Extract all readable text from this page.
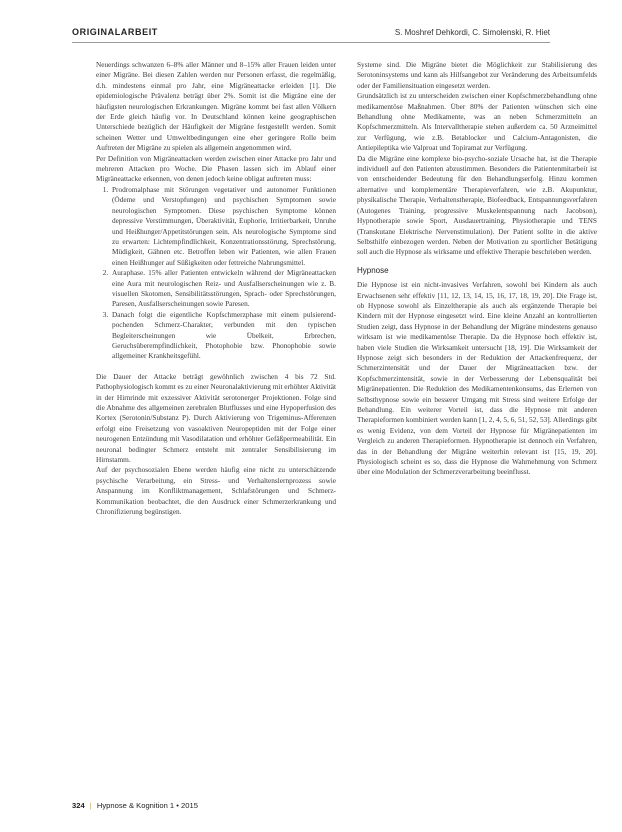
ORIGINALARBEIT	S. Moshref Dehkordi, C. Simolenski, R. Hiet

Neuerdings schwanzen 6–8% aller Männer und 8–15% aller Frauen leiden unter einer Migräne. Bei diesen Zahlen werden nur Personen erfasst, die regelmäßig, d.h. mindestens einmal pro Jahr, eine Migräneattacke erleiden [1]. Die epidemiologische Prävalenz beträgt über 2%. Somit ist die Migräne eine der häufigsten neurologischen Erkrankungen. Migräne kommt bei fast allen Völkern der Erde gleich häufig vor. In Deutschland können keine geographischen Unterschiede bezüglich der Häufigkeit der Migräne festgestellt werden. Somit scheinen Wetter und Umweltbedingungen eine eher geringere Rolle beim Auftreten der Migräne zu spielen als allgemein angenommen wird.

Per Definition von Migräneattacken werden zwischen einer Attacke pro Jahr und mehreren Attacken pro Woche. Die Phasen lassen sich im Ablauf einer Migräneattacke erkennen, von denen jedoch keine obligat auftreten muss:

1. Prodromalphase mit Störungen vegetativer und autonomer Funktionen (Ödeme und Verstopfungen) und psychischen Symptomen sowie neurologischen Symptomen. Diese psychischen Symptome können depressive Verstimmungen, Überaktivität, Euphorie, Irritierbarkeit, Unruhe und Heißhunger/Appetitstörungen sein. Als neurologische Symptome sind zu erwarten: Lichtempfindlichkeit, Konzentrationsstörung, Sprechstörung, Müdigkeit, Gähnen etc. Betroffen leben wir Patienten, wie allen Frauen einen Heißhunger auf Süßigkeiten oder fettreiche Nahrungsmittel.
2. Auraphase. 15% aller Patienten entwickeln während der Migräneattacken eine Aura mit neurologischen Reiz- und Ausfallserscheinungen wie z. B. visuellen Skotomen, Sensibilitätsstörungen, Sprach- oder Sprechstörungen, Paresen, Ausfallserscheinungen sowie Paresen.
3. Danach folgt die eigentliche Kopfschmerzphase mit einem pulsierend-pochenden Schmerz-Charakter, verbunden mit den typischen Begleiterscheinungen wie Übelkeit, Erbrechen, Geruchsüberempfindlichkeit, Photophobie bzw. Phonophobie sowie allgemeiner Krankheitsgefühl.

Die Dauer der Attacke beträgt gewöhnlich zwischen 4 bis 72 Std. Pathophysiologisch kommt es zu einer Neuronalaktivierung mit erhöhter Aktivität in der Hirnrinde mit exzessiver Aktivität serotonerger Projektionen. Folge sind die Abnahme des allgemeinen zerebralen Blutflusses und eine Hypoperfusion des Kortex (Serotonin/Substanz P). Durch Aktivierung von Trigeminus-Afferenzen erfolgt eine Freisetzung von vasoaktiven Neuropeptiden mit der Folge einer neurogenen Entzündung mit Vasodilatation und erhöhter Gefäßpermeabilität. Ein neuronal bedingter Schmerz entsteht mit zentraler Sensibilisierung im Hirnstamm.

Auf der psychosozialen Ebene werden häufig eine nicht zu unterschätzende psychische Verarbeitung, ein Stress- und Verhaltenslernprozess sowie Anspannung im Konfliktmanagement, Schlafstörungen und Schmerz-Kommunikation beobachtet, die den Ausdruck einer Schmerzerkrankung und Chronifizierung begünstigen.

Systeme sind. Die Migräne bietet die Möglichkeit zur Stabilisierung des Serotoninsystems und kann als Hilfsangebot zur Veränderung des Arbeitsumfelds oder der Familiensituation eingesetzt werden.

Grundsätzlich ist zu unterscheiden zwischen einer Kopfschmerzbehandlung ohne medikamentöse Maßnahmen. Über 80% der Patienten wünschen sich eine Behandlung ohne Medikamente, was an neben Schmerzmitteln an Kopfschmerzmitteln. Als Intervalltherapie stehen außerdem ca. 50 Arzneimittel zur Verfügung, wie z.B. Betablocker und Calcium-Antagonisten, die Antiepileptika wie Valproat und Topiramat zur Verfügung.

Da die Migräne eine komplexe bio-psycho-soziale Ursache hat, ist die Therapie individuell auf den Patienten abzustimmen. Besonders die Patientenmitarbeit ist von entscheidender Bedeutung für den Behandlungserfolg. Hinzu kommen alternative und komplementäre Therapieverfahren, wie z.B. Akupunktur, physikalische Therapie, Verhaltenstherapie, Biofeedback, Entspannungsverfahren (Autogenes Training, progressive Muskelentspannung nach Jacobson), Hypnotherapie sowie Sport, Ausdauertraining, Physiotherapie und TENS (Transkutane Elektrische Nervenstimulation). Der Patient sollte in die aktive Selbsthilfe einbezogen werden. Neben der Motivation zu sportlicher Betätigung soll auch die Hypnose als wirksame und effektive Therapie beschrieben werden.

Hypnose

Die Hypnose ist ein nicht-invasives Verfahren, sowohl bei Kindern als auch Erwachsenen sehr effektiv [11, 12, 13, 14, 15, 16, 17, 18, 19, 20]. Die Frage ist, ob Hypnose sowohl als Einzeltherapie als auch als ergänzende Therapie bei Kindern mit der Hypnose eingesetzt wird. Eine kleine Anzahl an kontrollierten Studien zeigt, dass Hypnose in der Behandlung der Migräne mindestens genauso wirksam ist wie medikamentöse Therapie. Da die Hypnose hoch effektiv ist, haben viele Studien die Wirksamkeit untersucht [18, 19]. Die Wirksamkeit der Hypnose zeigt sich besonders in der Reduktion der Attackenfrequenz, der Schmerzintensität und der Dauer der Migräneattacken bzw. der Kopfschmerzintensität, sowie in der Verbesserung der Lebensqualität bei Migränepatienten. Die Reduktion des Medikamentenkonsums, das Erlernen von Selbsthypnose sowie ein besserer Umgang mit Stress sind weitere Erfolge der Behandlung. Ein weiterer Vorteil ist, dass die Hypnose mit anderen Therapieformen kombiniert werden kann [1, 2, 4, 5, 6, 51, 52, 53]. Allerdings gibt es wenig Evidenz, von dem Vorteil der Hypnose für Migränepatienten im Vergleich zu anderen Therapieformen. Hypnotherapie ist dennoch ein Verfahren, das in der Behandlung der Migräne weiterhin relevant ist [15, 19, 20]. Physiologisch scheint es so, dass die Hypnose die Wahrnehmung von Schmerz über eine Modulation der Schmerzverarbeitung beeinflusst.

324 | Hypnose & Kognition 1 • 2015
